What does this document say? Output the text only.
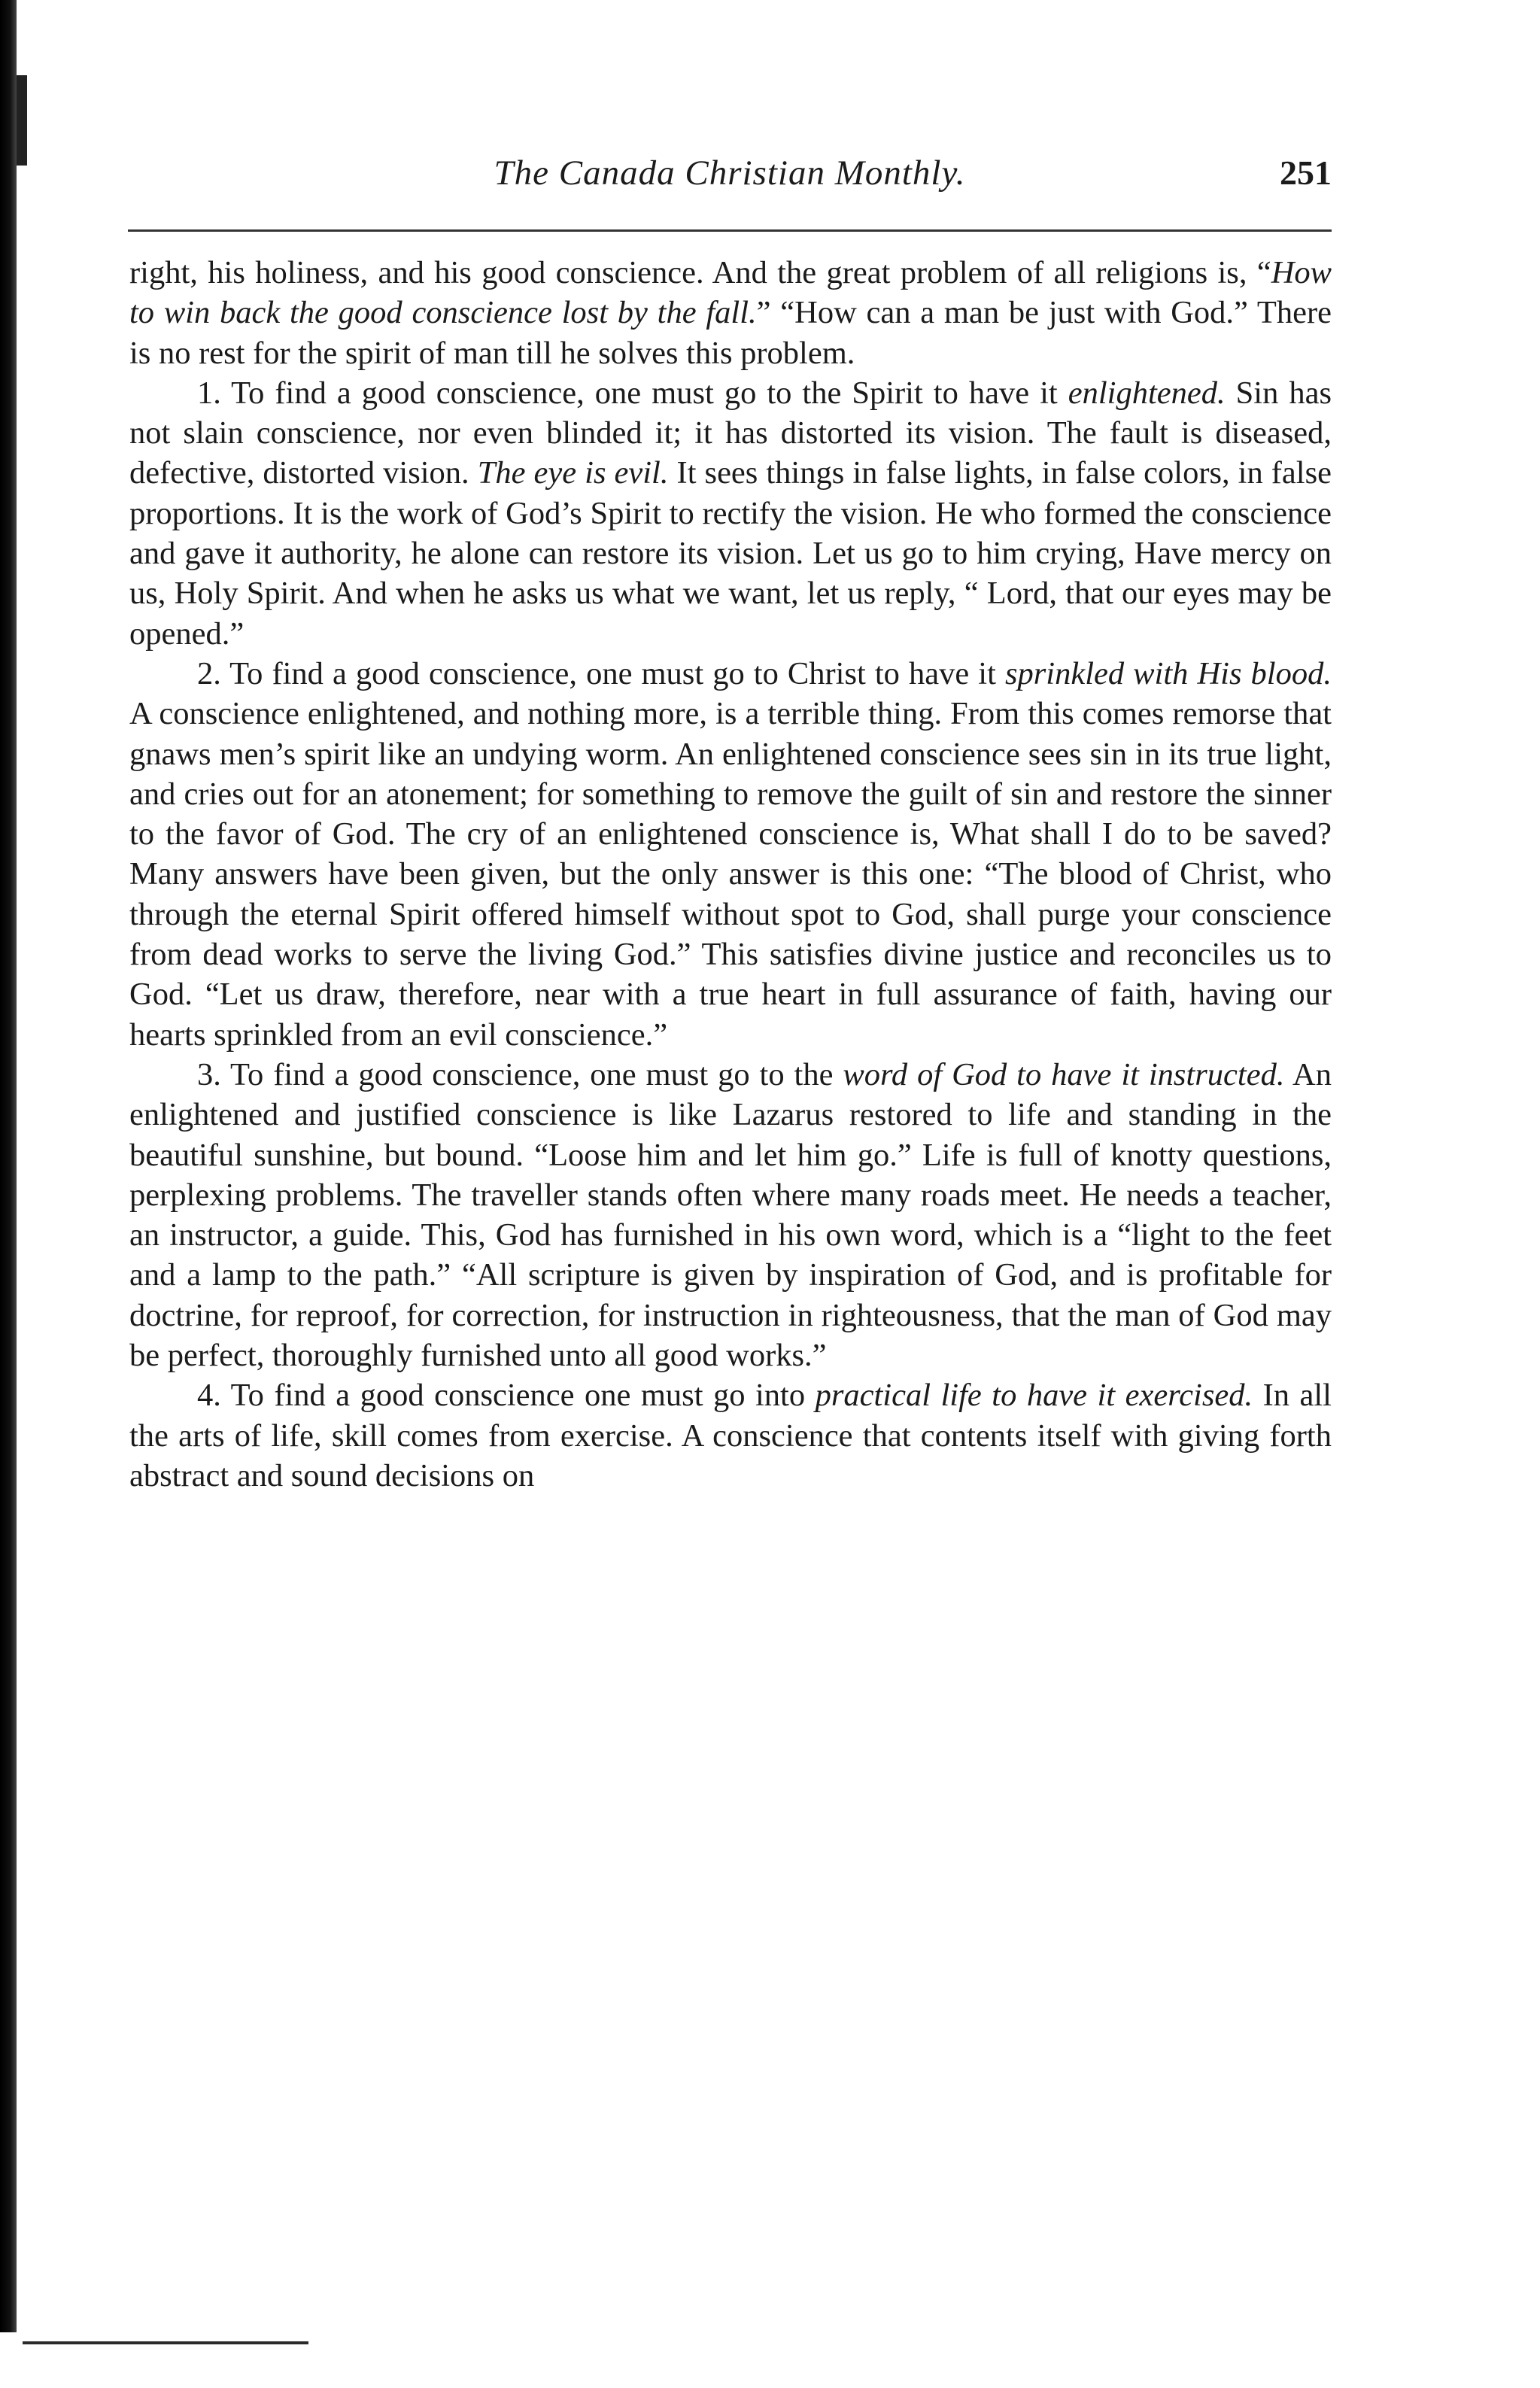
The Canada Christian Monthly.	251

right, his holiness, and his good conscience. And the great problem of all religions is, “How to win back the good conscience lost by the fall.” “How can a man be just with God.” There is no rest for the spirit of man till he solves this problem.

1. To find a good conscience, one must go to the Spirit to have it enlightened. Sin has not slain conscience, nor even blinded it; it has distorted its vision. The fault is diseased, defective, distorted vision. The eye is evil. It sees things in false lights, in false colors, in false proportions. It is the work of God’s Spirit to rectify the vision. He who formed the conscience and gave it authority, he alone can restore its vision. Let us go to him crying, Have mercy on us, Holy Spirit. And when he asks us what we want, let us reply, “ Lord, that our eyes may be opened.”

2. To find a good conscience, one must go to Christ to have it sprinkled with His blood. A conscience enlightened, and nothing more, is a terrible thing. From this comes remorse that gnaws men’s spirit like an undying worm. An enlightened conscience sees sin in its true light, and cries out for an atonement; for something to remove the guilt of sin and restore the sinner to the favor of God. The cry of an enlightened conscience is, What shall I do to be saved? Many answers have been given, but the only answer is this one: “The blood of Christ, who through the eternal Spirit offered himself without spot to God, shall purge your conscience from dead works to serve the living God.” This satisfies divine justice and reconciles us to God. “Let us draw, therefore, near with a true heart in full assurance of faith, having our hearts sprinkled from an evil conscience.”

3. To find a good conscience, one must go to the word of God to have it instructed. An enlightened and justified conscience is like Lazarus restored to life and standing in the beautiful sunshine, but bound. “Loose him and let him go.” Life is full of knotty questions, perplexing problems. The traveller stands often where many roads meet. He needs a teacher, an instructor, a guide. This, God has furnished in his own word, which is a “light to the feet and a lamp to the path.” “All scripture is given by inspiration of God, and is profitable for doctrine, for reproof, for correction, for instruction in righteousness, that the man of God may be perfect, thoroughly furnished unto all good works.”

4. To find a good conscience one must go into practical life to have it exercised. In all the arts of life, skill comes from exercise. A conscience that contents itself with giving forth abstract and sound decisions on
